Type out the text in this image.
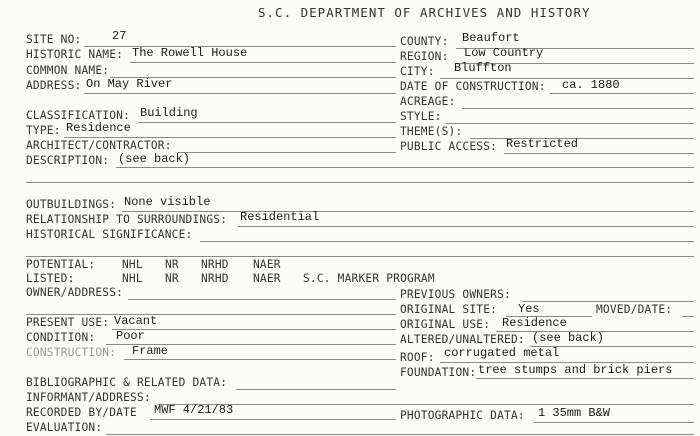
S.C. DEPARTMENT OF ARCHIVES AND HISTORY
SITE NO:	27
HISTORIC NAME: The Rowell House
COMMON NAME:
ADDRESS: On May River
CLASSIFICATION: Building
TYPE: Residence
ARCHITECT/CONTRACTOR:
DESCRIPTION: (see back)
OUTBUILDINGS: None visible
RELATIONSHIP TO SURROUNDINGS: Residential
HISTORICAL SIGNIFICANCE:
POTENTIAL: NHL NR NRHD NAER
LISTED:	NHL NR NRHD NAER S.C. MARKER PROGRAM
OWNER/ADDRESS:
PRESENT USE: Vacant
CONDITION: Poor
CONSTRUCTION: Frame
BIBLIOGRAPHIC & RELATED DATA:
INFORMANT/ADDRESS:
RECORDED BY/DATE MWF 4/21/83
EVALUATION:
COUNTY: Beaufort
REGION: Low Country
CITY: Bluffton
DATE OF CONSTRUCTION: ca. 1880
ACREAGE:
STYLE:
THEME(S):
PUBLIC ACCESS: Restricted
PREVIOUS OWNERS:
ORIGINAL SITE: Yes	MOVED/DATE:
ORIGINAL USE: Residence
ALTERED/UNALTERED: (see back)
ROOF: corrugated metal
FOUNDATION: tree stumps and brick piers
PHOTOGRAPHIC DATA: 1 35mm B&W
